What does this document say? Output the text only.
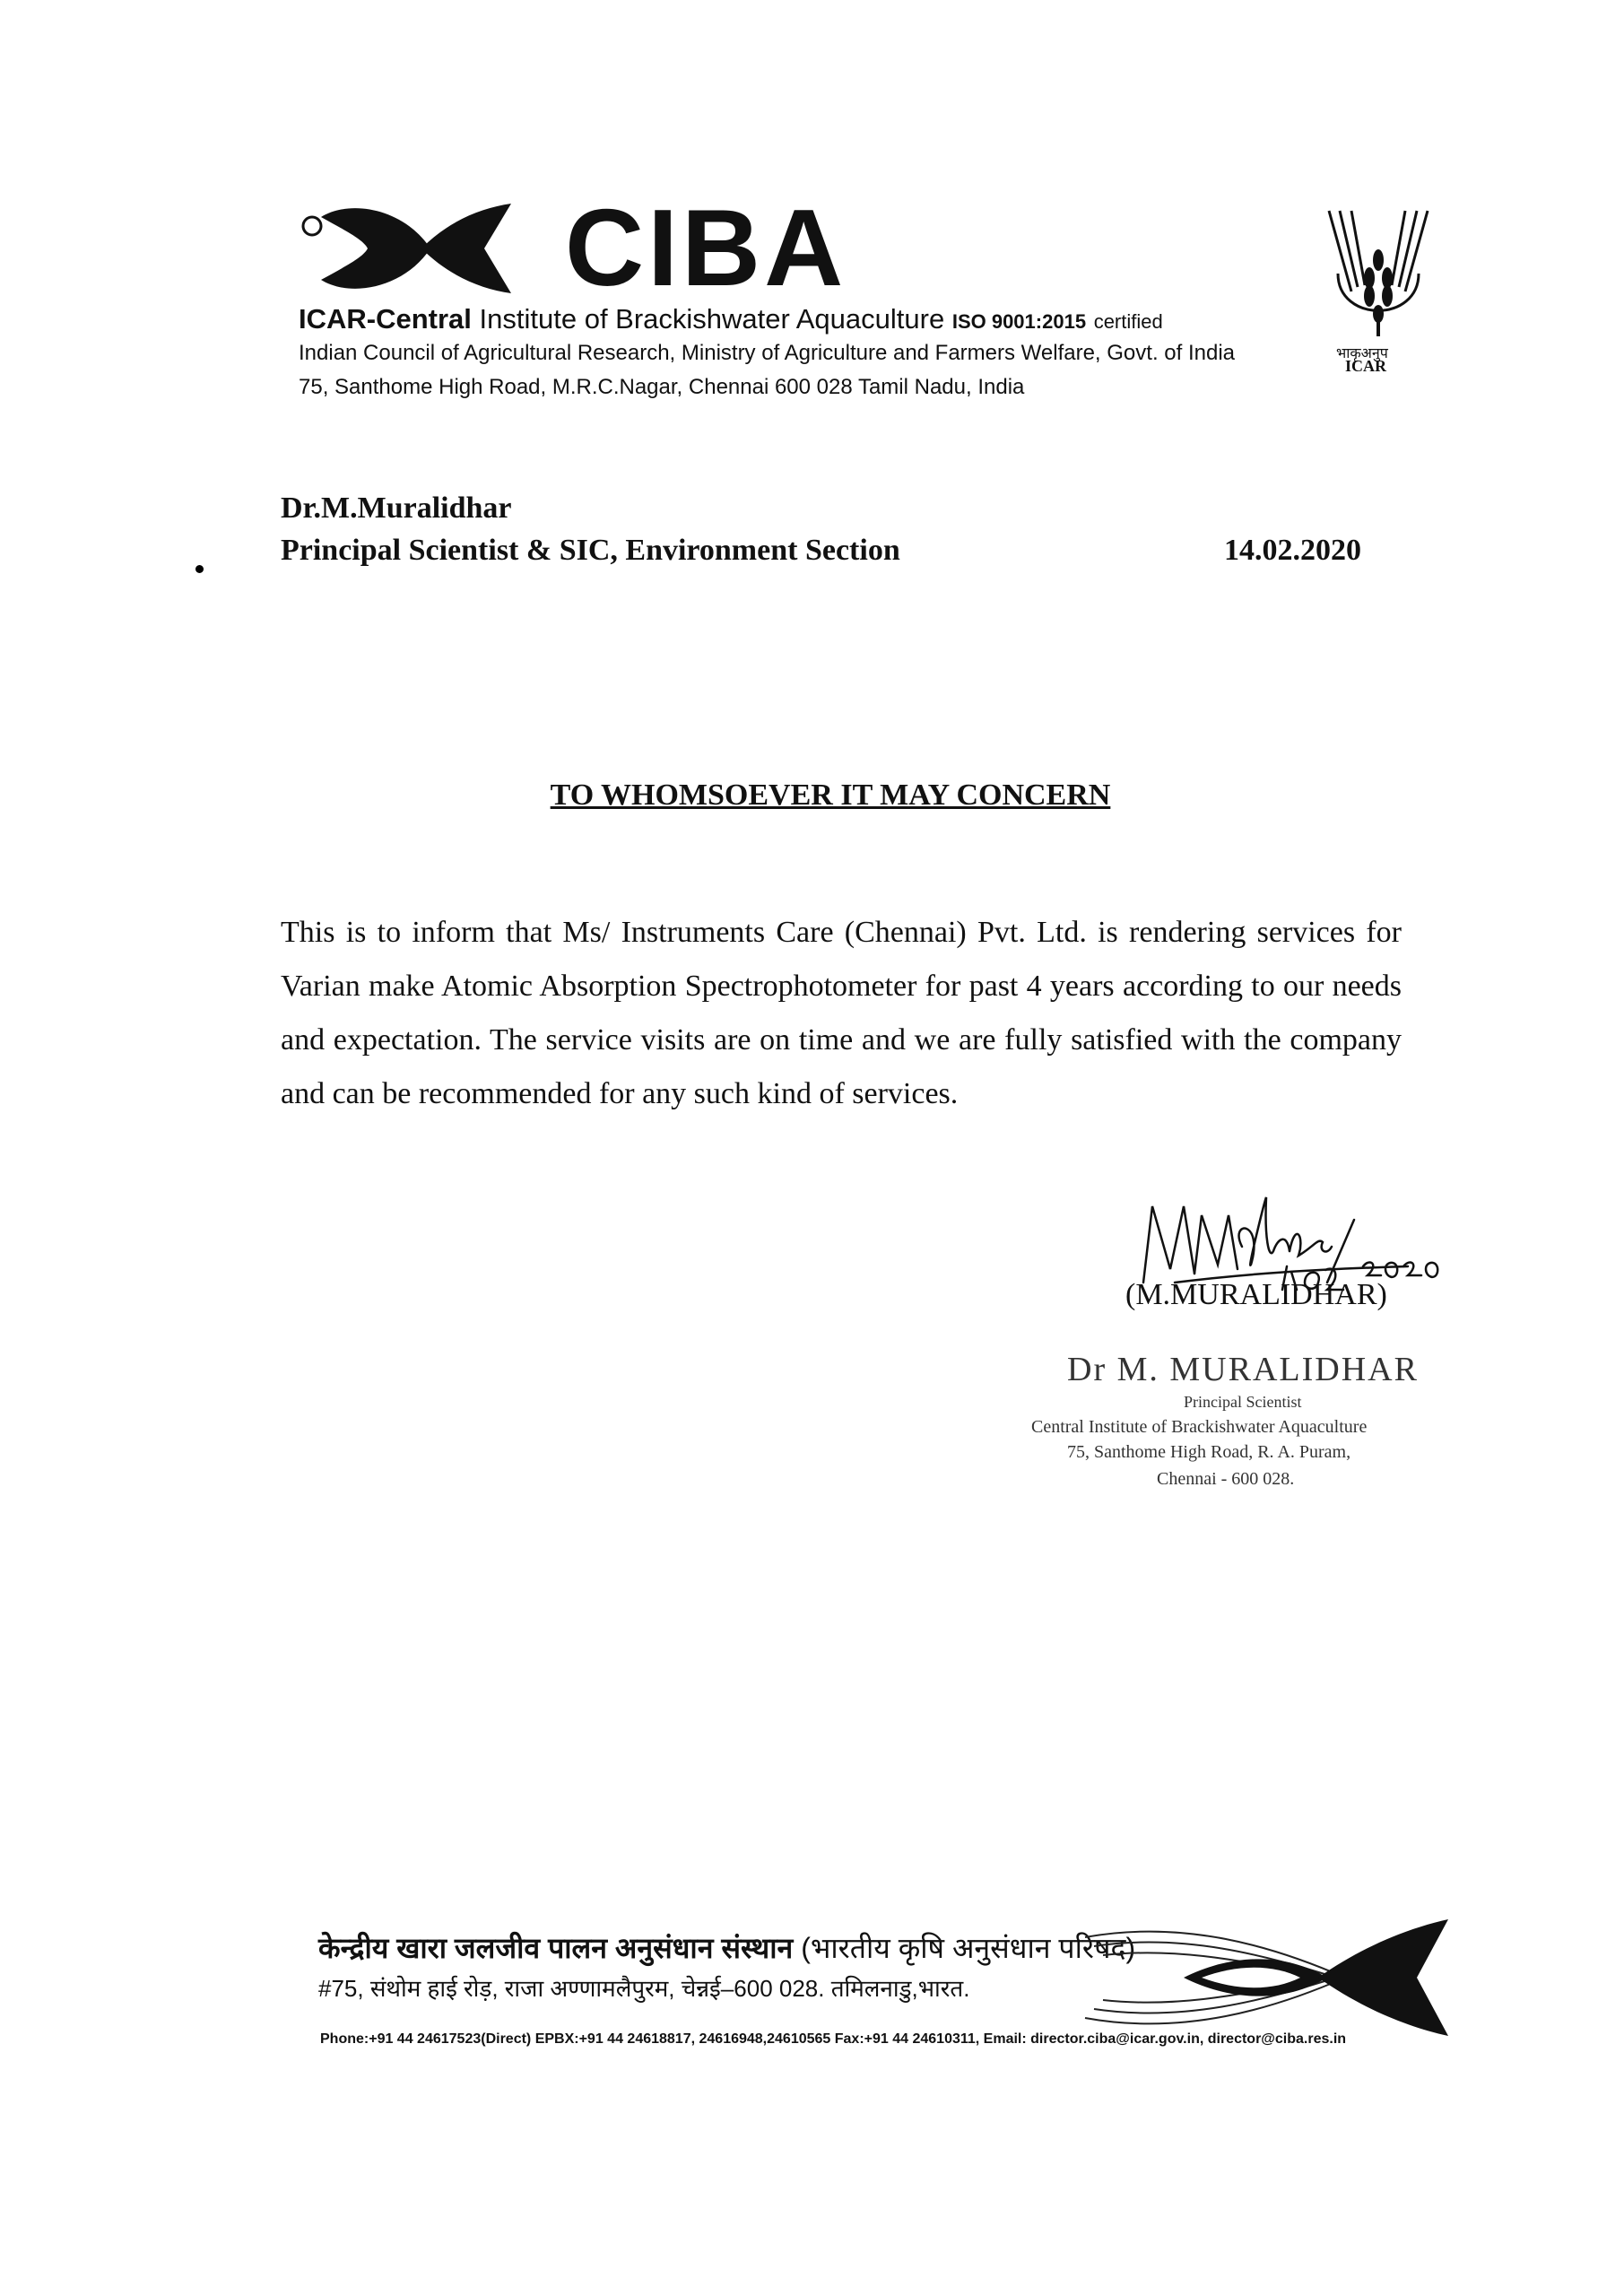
CIBA
ICAR-Central Institute of Brackishwater Aquaculture ISO 9001:2015 certified
Indian Council of Agricultural Research, Ministry of Agriculture and Farmers Welfare, Govt. of India
75, Santhome High Road, M.R.C.Nagar, Chennai 600 028 Tamil Nadu, India
भाकृअनुप
ICAR
Dr.M.Muralidhar
Principal Scientist & SIC, Environment Section	14.02.2020
TO WHOMSOEVER IT MAY CONCERN
This is to inform that Ms/ Instruments Care (Chennai) Pvt. Ltd. is rendering services for Varian make Atomic Absorption Spectrophotometer for past 4 years according to our needs and expectation. The service visits are on time and we are fully satisfied with the company and can be recommended for any such kind of services.
(M.MURALIDHAR)
Dr M. MURALIDHAR
Principal Scientist
Central Institute of Brackishwater Aquaculture
75, Santhome High Road, R. A. Puram,
Chennai - 600 028.
केन्द्रीय खारा जलजीव पालन अनुसंधान संस्थान (भारतीय कृषि अनुसंधान परिषद)
#75, संथोम हाई रोड़, राजा अण्णामलैपुरम, चेन्नई–600 028. तमिलनाडु,भारत.
Phone:+91 44 24617523(Direct) EPBX:+91 44 24618817, 24616948,24610565 Fax:+91 44 24610311, Email: director.ciba@icar.gov.in, director@ciba.res.in
